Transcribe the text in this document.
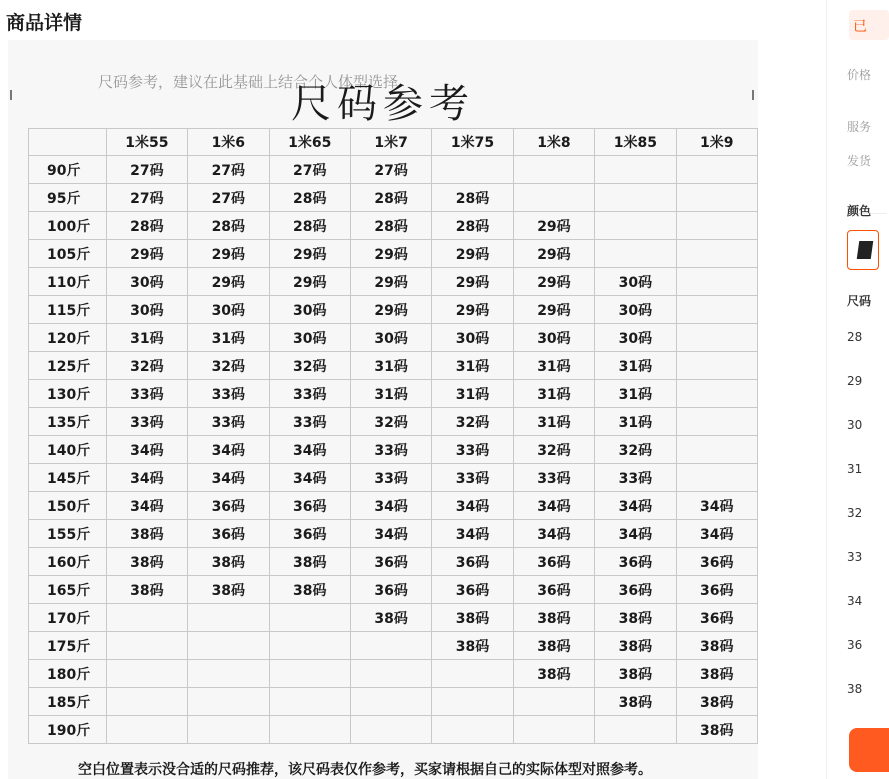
商品详情
尺码参考，建议在此基础上结合个人体型选择
尺码参考
	1米55	1米6	1米65	1米7	1米75	1米8	1米85	1米9
90斤	27码	27码	27码	27码				
95斤	27码	27码	28码	28码	28码			
100斤	28码	28码	28码	28码	28码	29码		
105斤	29码	29码	29码	29码	29码	29码		
110斤	30码	29码	29码	29码	29码	29码	30码	
115斤	30码	30码	30码	29码	29码	29码	30码	
120斤	31码	31码	30码	30码	30码	30码	30码	
125斤	32码	32码	32码	31码	31码	31码	31码	
130斤	33码	33码	33码	31码	31码	31码	31码	
135斤	33码	33码	33码	32码	32码	31码	31码	
140斤	34码	34码	34码	33码	33码	32码	32码	
145斤	34码	34码	34码	33码	33码	33码	33码	
150斤	34码	36码	36码	34码	34码	34码	34码	34码
155斤	38码	36码	36码	34码	34码	34码	34码	34码
160斤	38码	38码	38码	36码	36码	36码	36码	36码
165斤	38码	38码	38码	36码	36码	36码	36码	36码
170斤				38码	38码	38码	38码	36码
175斤					38码	38码	38码	38码
180斤						38码	38码	38码
185斤							38码	38码
190斤								38码
空白位置表示没合适的尺码推荐，该尺码表仅作参考，买家请根据自己的实际体型对照参考。
已
价格
服务
发货
颜色
尺码
28
29
30
31
32
33
34
36
38
